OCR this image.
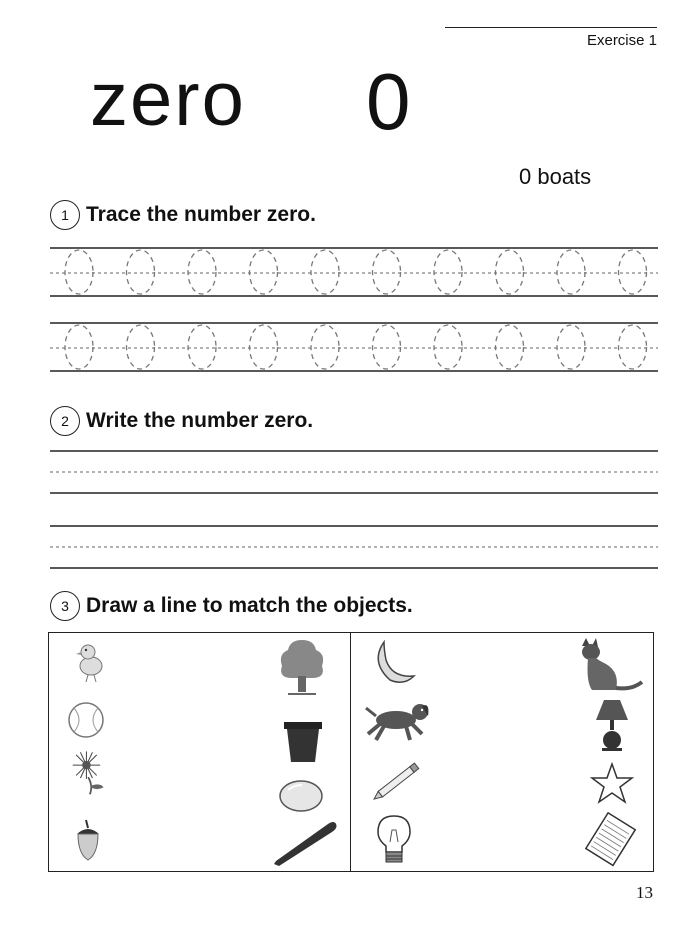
Exercise 1
zero 0
0 boats
1 Trace the number zero.
2 Write the number zero.
3 Draw a line to match the objects.
13
